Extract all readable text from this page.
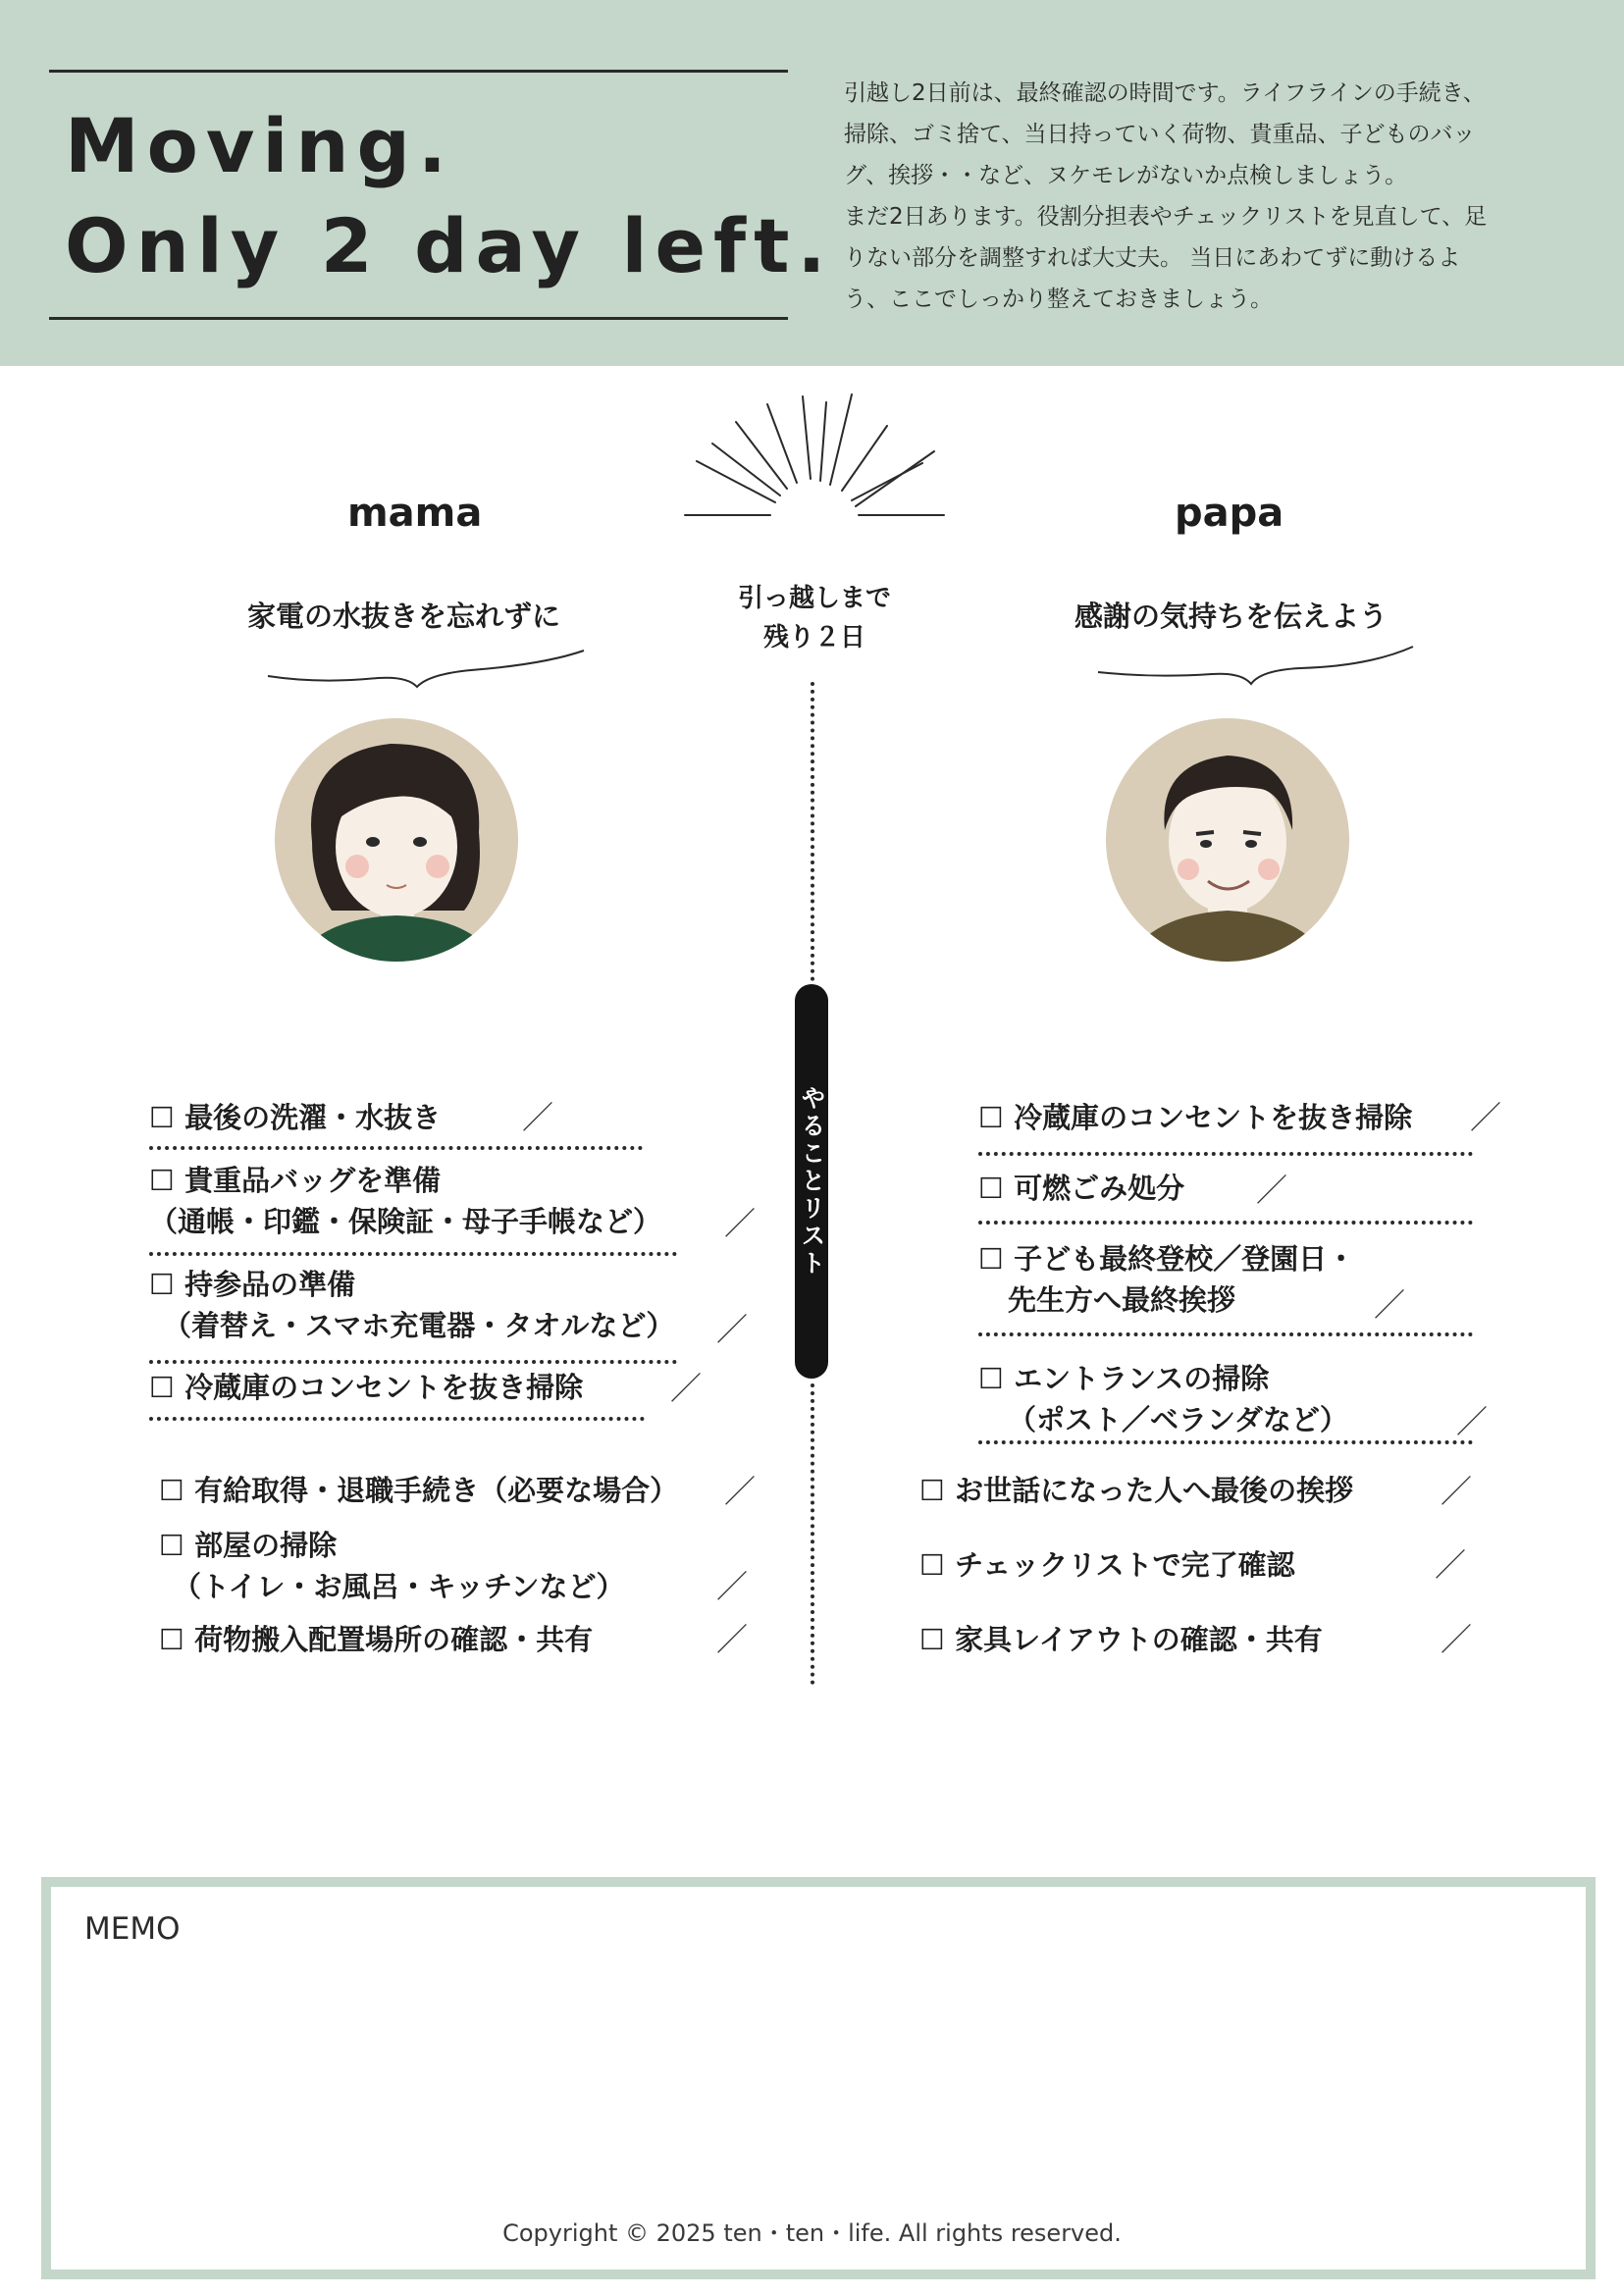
Moving.
Only 2 day left.

引越し2日前は、最終確認の時間です。ライフラインの手続き、

掃除、ゴミ捨て、当日持っていく荷物、貴重品、子どものバッ

グ、挨拶・・など、ヌケモレがないか点検しましょう。

まだ2日あります。役割分担表やチェックリストを見直して、足

りない部分を調整すれば大丈夫。 当日にあわてずに動けるよ

う、ここでしっかり整えておきましょう。

mama	papa
家電の水抜きを忘れずに	感謝の気持ちを伝えよう
引っ越しまで
残り２日
やることリスト
☐ 最後の洗濯・水抜き	／
☐ 貴重品バッグを準備
（通帳・印鑑・保険証・母子手帳など） ／
☐ 持参品の準備
（着替え・スマホ充電器・タオルなど） ／
☐ 冷蔵庫のコンセントを抜き掃除	／
☐ 有給取得・退職手続き（必要な場合） ／
☐ 部屋の掃除
（トイレ・お風呂・キッチンなど）	／
☐ 荷物搬入配置場所の確認・共有	／
☐ 冷蔵庫のコンセントを抜き掃除 ／
☐ 可燃ごみ処分 ／
☐ 子ども最終登校／登園日・
先生方へ最終挨拶	／
☐ エントランスの掃除
（ポスト／ベランダなど）	／
☐ お世話になった人へ最後の挨拶	／
☐ チェックリストで完了確認	／
☐ 家具レイアウトの確認・共有	／
MEMO
Copyright © 2025 ten・ten・life. All rights reserved.
